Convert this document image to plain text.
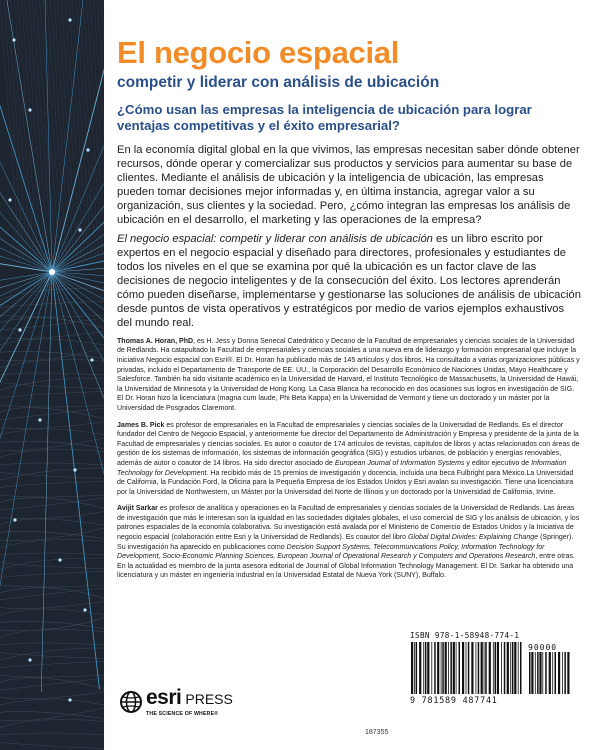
El negocio espacial
competir y liderar con análisis de ubicación
¿Cómo usan las empresas la inteligencia de ubicación para lograr ventajas competitivas y el éxito empresarial?

En la economía digital global en la que vivimos, las empresas necesitan saber dónde obtener recursos, dónde operar y comercializar sus productos y servicios para aumentar su base de clientes. Mediante el análisis de ubicación y la inteligencia de ubicación, las empresas pueden tomar decisiones mejor informadas y, en última instancia, agregar valor a su organización, sus clientes y la sociedad. Pero, ¿cómo integran las empresas los análisis de ubicación en el desarrollo, el marketing y las operaciones de la empresa?

El negocio espacial: competir y liderar con análisis de ubicación es un libro escrito por expertos en el negocio espacial y diseñado para directores, profesionales y estudiantes de todos los niveles en el que se examina por qué la ubicación es un factor clave de las decisiones de negocio inteligentes y de la consecución del éxito. Los lectores aprenderán cómo pueden diseñarse, implementarse y gestionarse las soluciones de análisis de ubicación desde puntos de vista operativos y estratégicos por medio de varios ejemplos exhaustivos del mundo real.

Thomas A. Horan, PhD, es H. Jess y Donna Senecal Catedrático y Decano de la Facultad de empresariales y ciencias sociales de la Universidad de Redlands. Ha catapultado la Facultad de empresariales y ciencias sociales a una nueva era de liderazgo y formación empresarial que incluye la iniciativa Negocio espacial con Esri®. El Dr. Horan ha publicado más de 145 artículos y dos libros. Ha consultado a varias organizaciones públicas y privadas, incluido el Departamento de Transporte de EE. UU., la Corporación del Desarrollo Económico de Naciones Unidas, Mayo Healthcare y Salesforce. También ha sido visitante académico en la Universidad de Harvard, el Instituto Tecnológico de Massachusetts, la Universidad de Hawái, la Universidad de Minnesota y la Universidad de Hong Kong. La Casa Blanca ha reconocido en dos ocasiones sus logros en investigación de SIG. El Dr. Horan hizo la licenciatura (magna cum laude, Phi Beta Kappa) en la Universidad de Vermont y tiene un doctorado y un máster por la Universidad de Posgrados Claremont.

James B. Pick es profesor de empresariales en la Facultad de empresariales y ciencias sociales de la Universidad de Redlands. Es el director fundador del Centro de Negocio Espacial, y anteriormente fue director del Departamento de Administración y Empresa y presidente de la junta de la Facultad de empresariales y ciencias sociales. Es autor o coautor de 174 artículos de revistas, capítulos de libros y actas relacionados con áreas de gestión de los sistemas de información, los sistemas de información geográfica (SIG) y estudios urbanos, de población y energías renovables, además de autor o coautor de 14 libros. Ha sido director asociado de European Journal of Information Systems y editor ejecutivo de Information Technology for Development. Ha recibido más de 15 premios de investigación y docencia, incluida una beca Fulbright para México.La Universidad de California, la Fundación Ford, la Oficina para la Pequeña Empresa de los Estados Unidos y Esri avalan su investigación. Tiene una licenciatura por la Universidad de Northwestern, un Máster por la Universidad del Norte de Illinois y un doctorado por la Universidad de California, Irvine.

Avijit Sarkar es profesor de analítica y operaciones en la Facultad de empresariales y ciencias sociales de la Universidad de Redlands. Las áreas de investigación que más le interesan son la igualdad en las sociedades digitales globales, el uso comercial de SIG y los análisis de ubicación, y los patrones espaciales de la economía colaborativa. Su investigación está avalada por el Ministerio de Comercio de Estados Unidos y la Iniciativa de negocio espacial (colaboración entre Esri y la Universidad de Redlands). Es coautor del libro Global Digital Divides: Explaining Change (Springer). Su investigación ha aparecido en publicaciones como Decision Support Systems, Telecommunications Policy, Information Technology for Development, Socio-Economic Planning Sciences, European Journal of Operational Research y Computers and Operations Research, entre otras. En la actualidad es miembro de la junta asesora editorial de Journal of Global Information Technology Management. El Dr. Sarkar ha obtenido una licenciatura y un máster en ingeniería industrial en la Universidad Estatal de Nueva York (SUNY), Buffalo.

ISBN 978-1-58948-774-1
90000
9 781589 487741
esri PRESS
THE SCIENCE OF WHERE®
187355
